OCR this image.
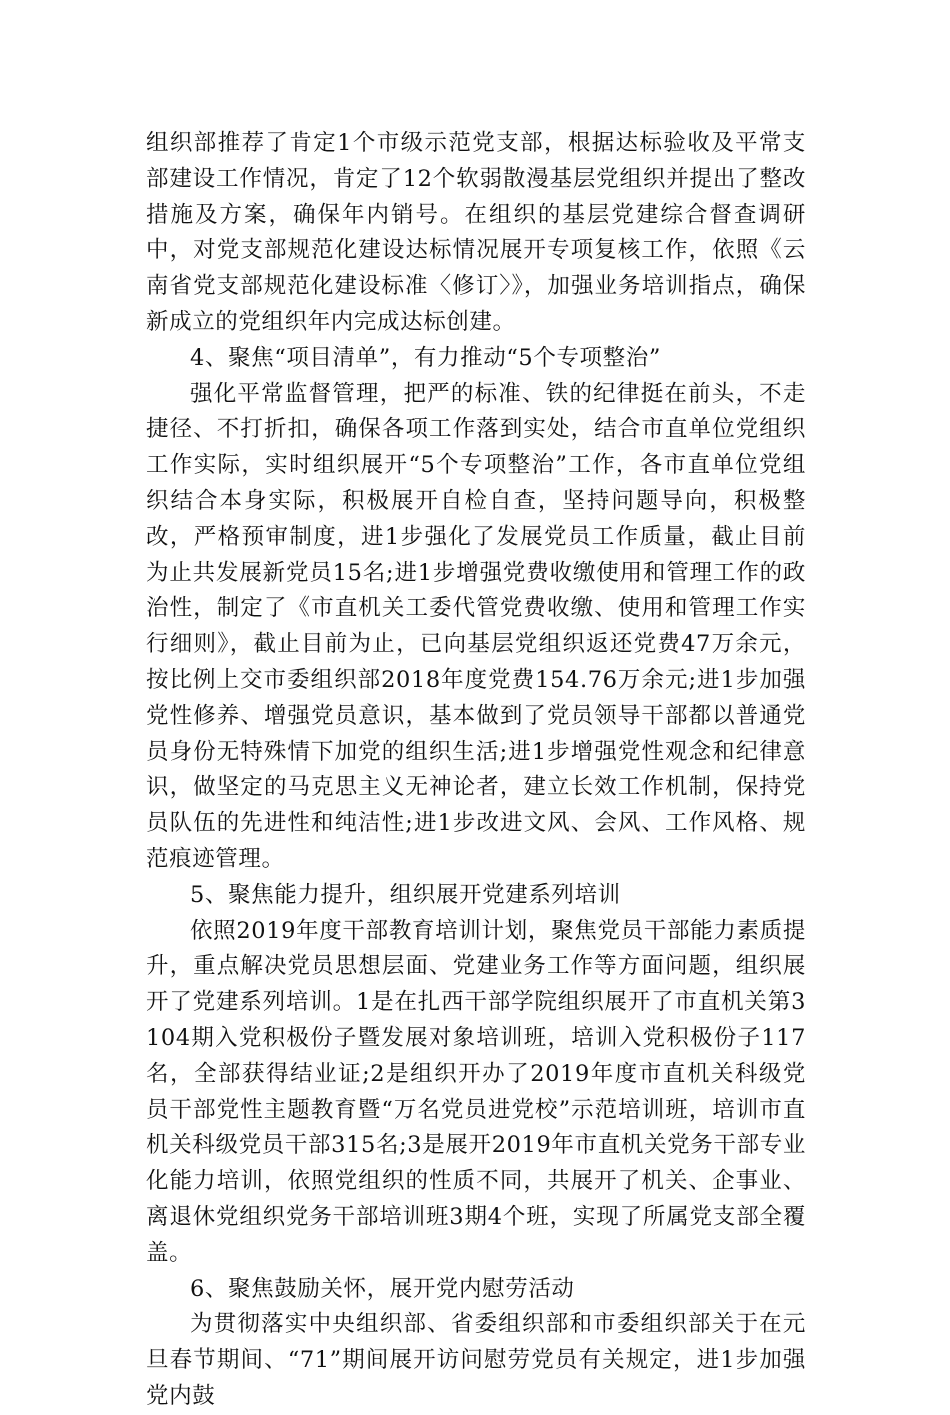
组织部推荐了肯定1个市级示范党支部，根据达标验收及平常支部建设工作情况，肯定了12个软弱散漫基层党组织并提出了整改措施及方案，确保年内销号。在组织的基层党建综合督查调研中，对党支部规范化建设达标情况展开专项复核工作，依照《云南省党支部规范化建设标准〈修订〉》，加强业务培训指点，确保新成立的党组织年内完成达标创建。

4、聚焦“项目清单”，有力推动“5个专项整治”

强化平常监督管理，把严的标准、铁的纪律挺在前头，不走捷径、不打折扣，确保各项工作落到实处，结合市直单位党组织工作实际，实时组织展开“5个专项整治”工作，各市直单位党组织结合本身实际，积极展开自检自查，坚持问题导向，积极整改，严格预审制度，进1步强化了发展党员工作质量，截止目前为止共发展新党员15名;进1步增强党费收缴使用和管理工作的政治性，制定了《市直机关工委代管党费收缴、使用和管理工作实行细则》，截止目前为止，已向基层党组织返还党费47万余元，按比例上交市委组织部2018年度党费154.76万余元;进1步加强党性修养、增强党员意识，基本做到了党员领导干部都以普通党员身份无特殊情下加党的组织生活;进1步增强党性观念和纪律意识，做坚定的马克思主义无神论者，建立长效工作机制，保持党员队伍的先进性和纯洁性;进1步改进文风、会风、工作风格、规范痕迹管理。

5、聚焦能力提升，组织展开党建系列培训

依照2019年度干部教育培训计划，聚焦党员干部能力素质提升，重点解决党员思想层面、党建业务工作等方面问题，组织展开了党建系列培训。1是在扎西干部学院组织展开了市直机关第3104期入党积极份子暨发展对象培训班，培训入党积极份子117名，全部获得结业证;2是组织开办了2019年度市直机关科级党员干部党性主题教育暨“万名党员进党校”示范培训班，培训市直机关科级党员干部315名;3是展开2019年市直机关党务干部专业化能力培训，依照党组织的性质不同，共展开了机关、企事业、离退休党组织党务干部培训班3期4个班，实现了所属党支部全覆盖。

6、聚焦鼓励关怀，展开党内慰劳活动

为贯彻落实中央组织部、省委组织部和市委组织部关于在元旦春节期间、“71”期间展开访问慰劳党员有关规定，进1步加强党内鼓
